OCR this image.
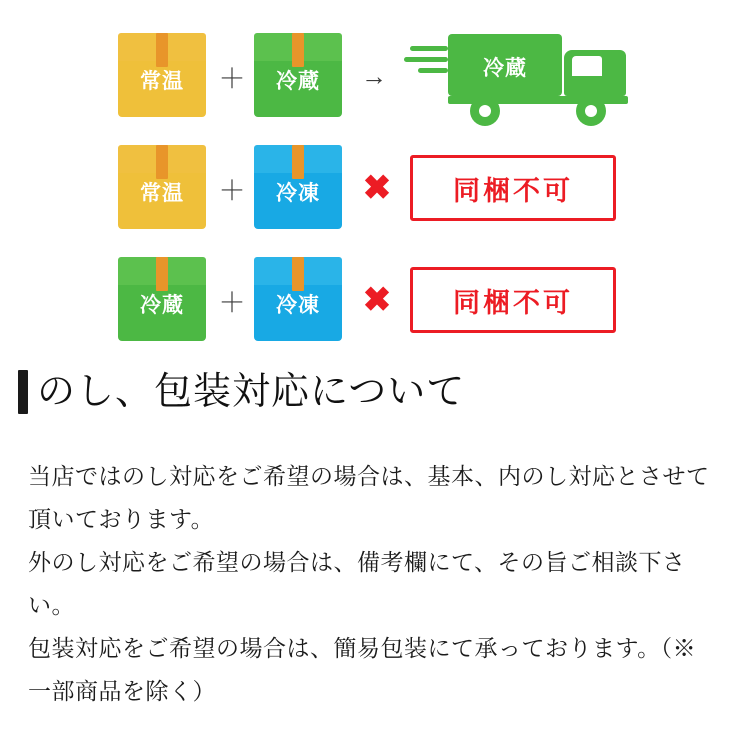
常温	＋	冷蔵	→	冷蔵
常温	＋	冷凍	✖	同梱不可
冷蔵	＋	冷凍	✖	同梱不可
のし、包装対応について

当店ではのし対応をご希望の場合は、基本、内のし対応とさせて頂いております。

外のし対応をご希望の場合は、備考欄にて、その旨ご相談下さい。

包装対応をご希望の場合は、簡易包装にて承っております。（※一部商品を除く）
